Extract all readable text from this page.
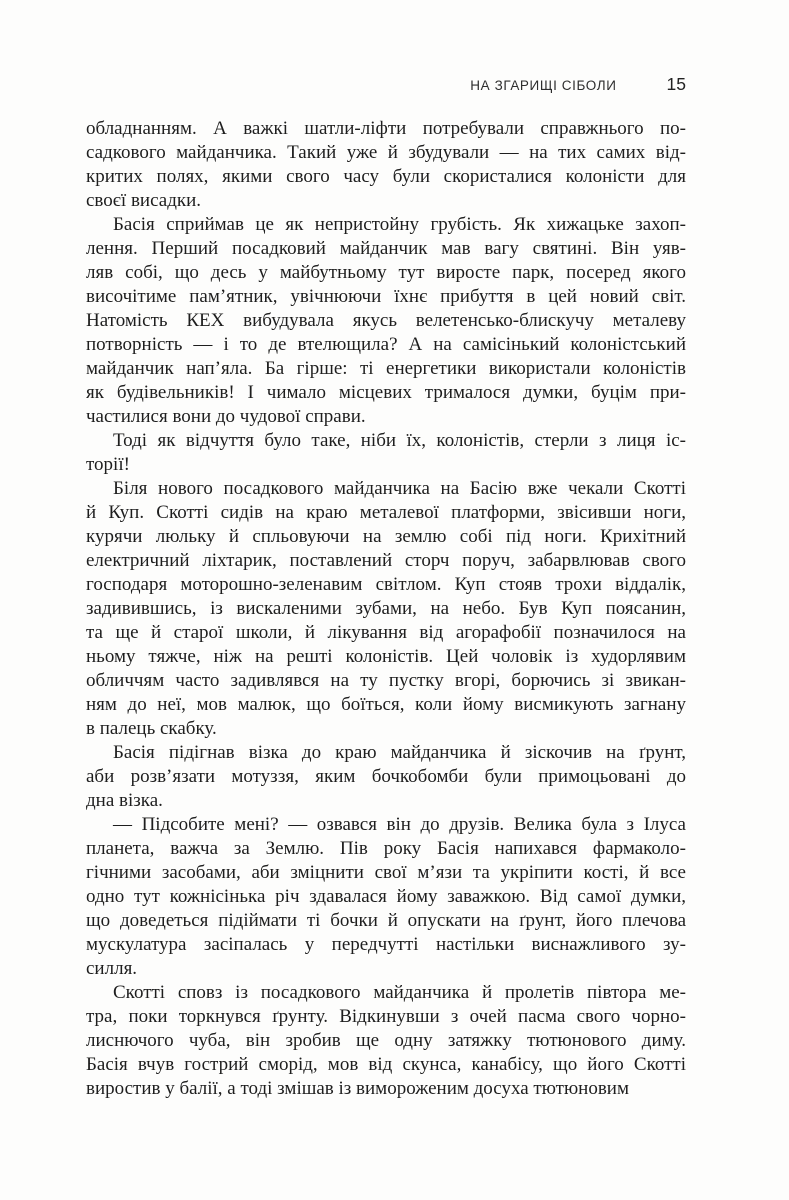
НА ЗГАРИЩІ СІБОЛИ	15
обладнанням. А важкі шатли-ліфти потребували справжнього по-
садкового майданчика. Такий уже й збудували — на тих самих від-
критих полях, якими свого часу були скористалися колоністи для
своєї висадки.
Басія сприймав це як непристойну грубість. Як хижацьке захоп-
лення. Перший посадковий майданчик мав вагу святині. Він уяв-
ляв собі, що десь у майбутньому тут виросте парк, посеред якого
височітиме пам’ятник, увічнюючи їхнє прибуття в цей новий світ.
Натомість КЕХ вибудувала якусь велетенсько-блискучу металеву
потворність — і то де втелющила? А на самісінький колоністський
майданчик нап’яла. Ба гірше: ті енергетики використали колоністів
як будівельників! І чимало місцевих трималося думки, буцім при-
частилися вони до чудової справи.
Тоді як відчуття було таке, ніби їх, колоністів, стерли з лиця іс-
торії!
Біля нового посадкового майданчика на Басію вже чекали Скотті
й Куп. Скотті сидів на краю металевої платформи, звісивши ноги,
курячи люльку й спльовуючи на землю собі під ноги. Крихітний
електричний ліхтарик, поставлений сторч поруч, забарвлював свого
господаря моторошно-зеленавим світлом. Куп стояв трохи віддалік,
задивившись, із вискаленими зубами, на небо. Був Куп поясанин,
та ще й старої школи, й лікування від агорафобії позначилося на
ньому тяжче, ніж на решті колоністів. Цей чоловік із худорлявим
обличчям часто задивлявся на ту пустку вгорі, борючись зі звикан-
ням до неї, мов малюк, що боїться, коли йому висмикують загнану
в палець скабку.
Басія підігнав візка до краю майданчика й зіскочив на ґрунт,
аби розв’язати мотуззя, яким бочкобомби були примоцьовані до
дна візка.
— Підсобите мені? — озвався він до друзів. Велика була з Ілуса
планета, важча за Землю. Пів року Басія напихався фармаколо-
гічними засобами, аби зміцнити свої м’язи та укріпити кості, й все
одно тут кожнісінька річ здавалася йому заважкою. Від самої думки,
що доведеться підіймати ті бочки й опускати на ґрунт, його плечова
мускулатура засіпалась у передчутті настільки виснажливого зу-
силля.
Скотті сповз із посадкового майданчика й пролетів півтора ме-
тра, поки торкнувся ґрунту. Відкинувши з очей пасма свого чорно-
лиснючого чуба, він зробив ще одну затяжку тютюнового диму.
Басія вчув гострий сморід, мов від скунса, канабісу, що його Скотті
виростив у балії, а тоді змішав із вимороженим досуха тютюновим
